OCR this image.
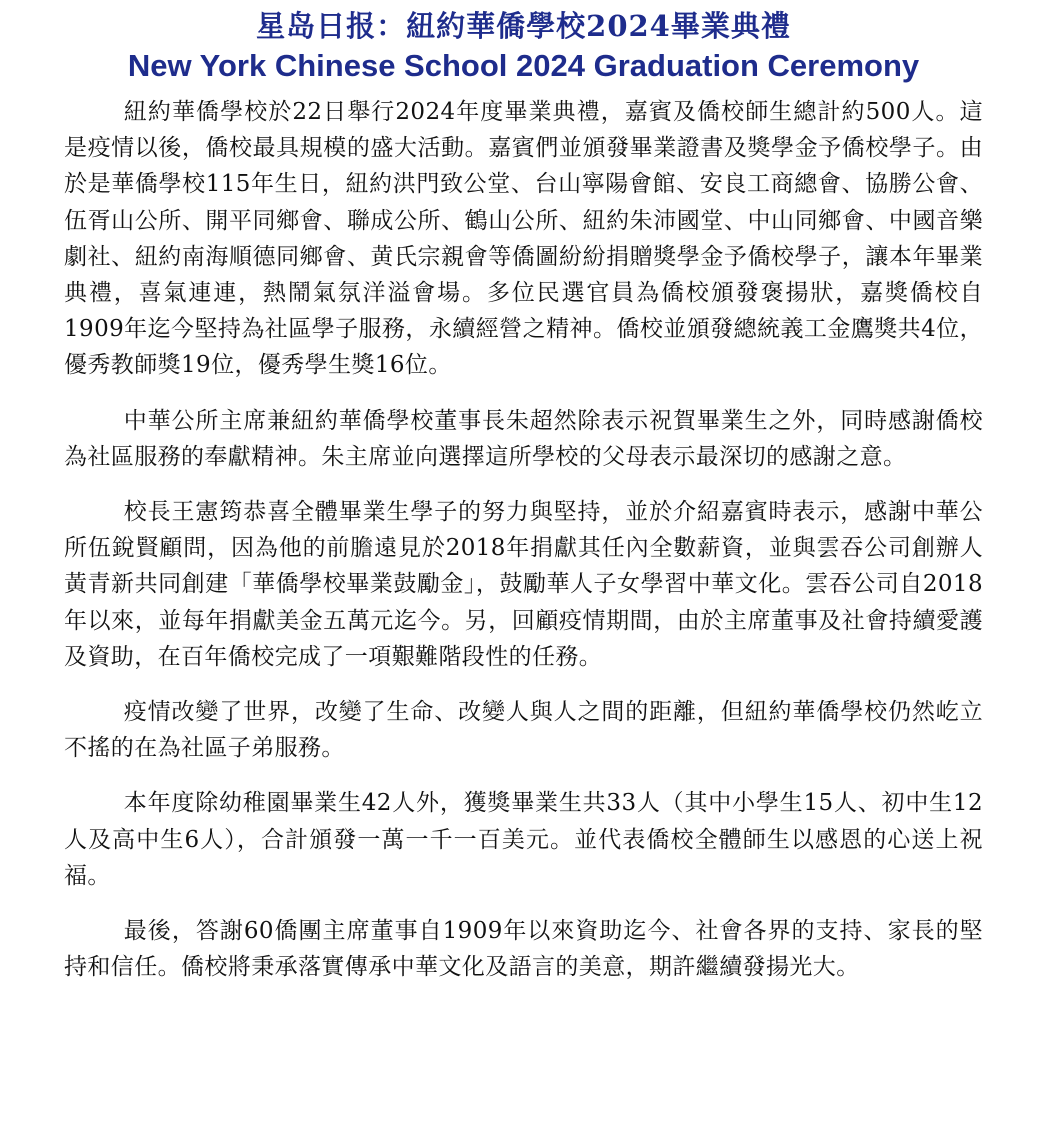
星岛日报：紐約華僑學校2024畢業典禮
New York Chinese School 2024 Graduation Ceremony

紐約華僑學校於22日舉行2024年度畢業典禮，嘉賓及僑校師生總計約500人。這是疫情以後，僑校最具規模的盛大活動。嘉賓們並頒發畢業證書及獎學金予僑校學子。由於是華僑學校115年生日，紐約洪門致公堂、台山寧陽會館、安良工商總會、協勝公會、伍胥山公所、開平同鄉會、聯成公所、鶴山公所、紐約朱沛國堂、中山同鄉會、中國音樂劇社、紐約南海順德同鄉會、黄氏宗親會等僑圖紛紛捐贈獎學金予僑校學子，讓本年畢業典禮，喜氣連連，熱鬧氣氛洋溢會場。多位民選官員為僑校頒發褒揚狀，嘉獎僑校自1909年迄今堅持為社區學子服務，永續經營之精神。僑校並頒發總統義工金鷹獎共4位，優秀教師獎19位，優秀學生獎16位。

中華公所主席兼紐約華僑學校董事長朱超然除表示祝賀畢業生之外，同時感謝僑校為社區服務的奉獻精神。朱主席並向選擇這所學校的父母表示最深切的感謝之意。

校長王憲筠恭喜全體畢業生學子的努力與堅持，並於介紹嘉賓時表示，感謝中華公所伍銳賢顧問，因為他的前膽遠見於2018年捐獻其任內全數薪資，並與雲吞公司創辦人黃青新共同創建「華僑學校畢業鼓勵金」，鼓勵華人子女學習中華文化。雲吞公司自2018年以來，並每年捐獻美金五萬元迄今。另，回顧疫情期間，由於主席董事及社會持續愛護及資助，在百年僑校完成了一項艱難階段性的任務。

疫情改變了世界，改變了生命、改變人與人之間的距離，但紐約華僑學校仍然屹立不搖的在為社區子弟服務。

本年度除幼稚園畢業生42人外，獲獎畢業生共33人（其中小學生15人、初中生12人及高中生6人），合計頒發一萬一千一百美元。並代表僑校全體師生以感恩的心送上祝福。

最後，答謝60僑團主席董事自1909年以來資助迄今、社會各界的支持、家長的堅持和信任。僑校將秉承落實傳承中華文化及語言的美意，期許繼續發揚光大。
